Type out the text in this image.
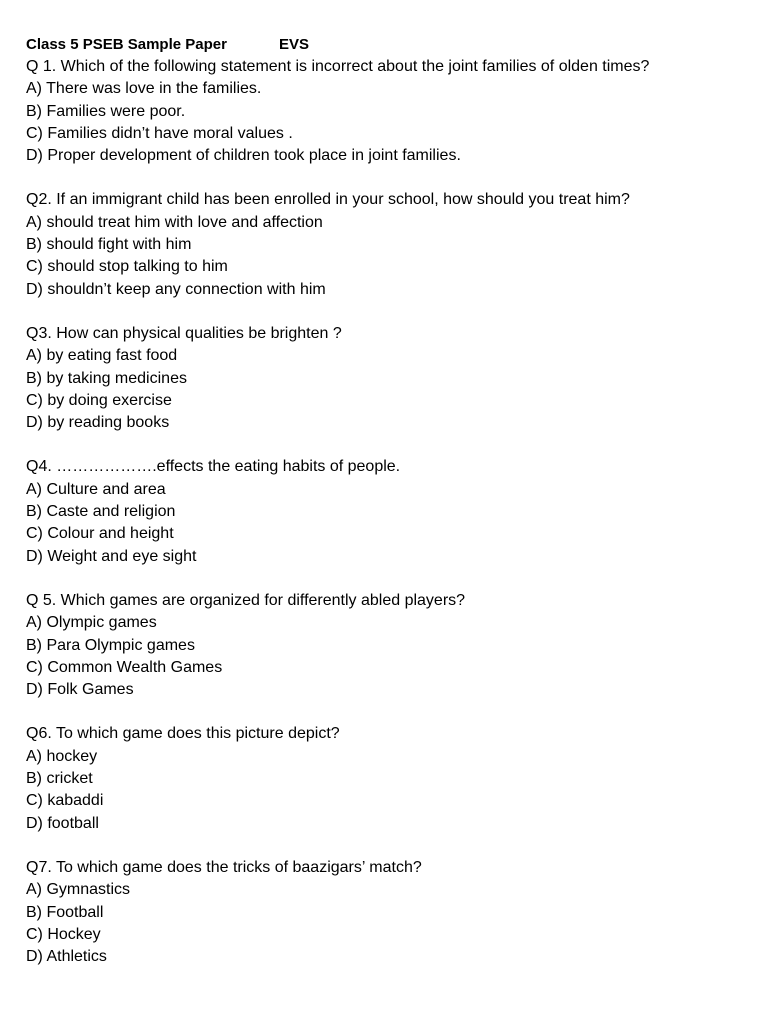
Class 5 PSEB Sample Paper	EVS
Q 1. Which of the following statement is incorrect about the joint families of olden times?
A) There was love in the families.
B) Families were poor.
C) Families didn’t have moral values .
D) Proper development of children took place in joint families.
Q2. If an immigrant child has been enrolled in your school, how should you treat him?
A) should treat him with love and affection
B) should fight with him
C) should stop talking to him
D) shouldn’t keep any connection with him
Q3. How can physical qualities be brighten ?
A) by eating fast food
B) by taking medicines
C) by doing exercise
D) by reading books
Q4. ……………….effects the eating habits of people.
A) Culture and area
B) Caste and religion
C) Colour and height
D) Weight and eye sight
Q 5. Which games are organized for differently abled players?
A) Olympic games
B) Para Olympic games
C) Common Wealth Games
D) Folk Games
Q6. To which game does this picture depict?
A) hockey
B) cricket
C) kabaddi
D) football
Q7. To which game does the tricks of baazigars’ match?
A) Gymnastics
B) Football
C) Hockey
D) Athletics
